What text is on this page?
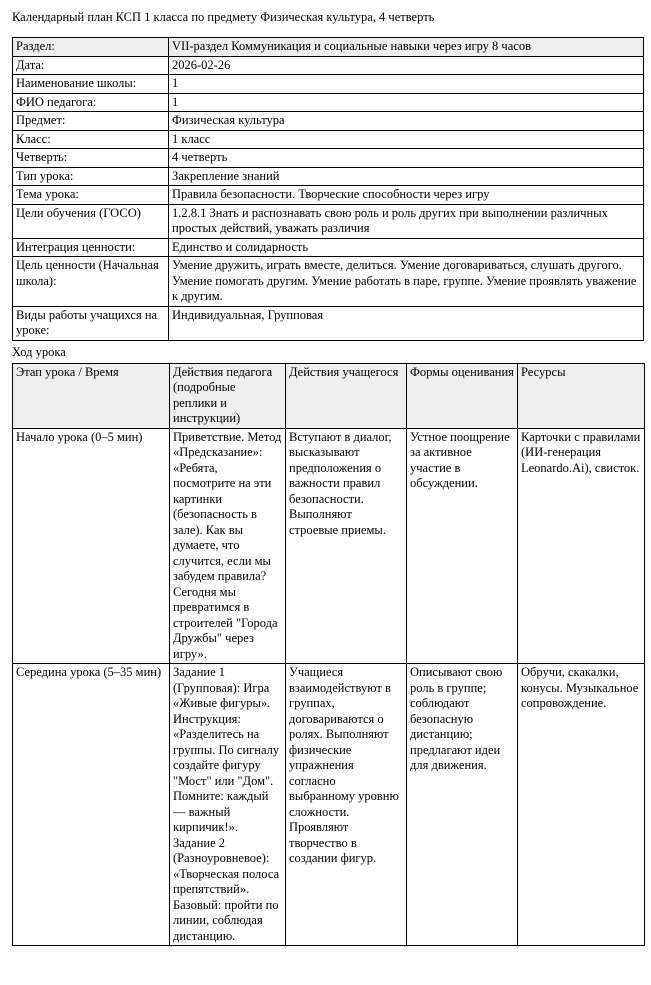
Календарный план КСП 1 класса по предмету Физическая культура, 4 четверть
Раздел:	VII-раздел Коммуникация и социальные навыки через игру 8 часов
Дата:	2026-02-26
Наименование школы:	1
ФИО педагога:	1
Предмет:	Физическая культура
Класс:	1 класс
Четверть:	4 четверть
Тип урока:	Закрепление знаний
Тема урока:	Правила безопасности. Творческие способности через игру
Цели обучения (ГОСО)	1.2.8.1 Знать и распознавать свою роль и роль других при выполнении различных простых действий, уважать различия
Интеграция ценности:	Единство и солидарность
Цель ценности (Начальная школа):	Умение дружить, играть вместе, делиться. Умение договариваться, слушать другого. Умение помогать другим. Умение работать в паре, группе. Умение проявлять уважение к другим.
Виды работы учащихся на уроке:	Индивидуальная, Групповая
Ход урока
Этап урока / Время	Действия педагога (подробные реплики и инструкции)	Действия учащегося	Формы оценивания	Ресурсы
Начало урока (0–5 мин)	Приветствие. Метод «Предсказание»: «Ребята, посмотрите на эти картинки (безопасность в зале). Как вы думаете, что случится, если мы забудем правила? Сегодня мы превратимся в строителей "Города Дружбы" через игру».	Вступают в диалог, высказывают предположения о важности правил безопасности. Выполняют строевые приемы.	Устное поощрение за активное участие в обсуждении.	Карточки с правилами (ИИ-генерация Leonardo.Ai), свисток.
Середина урока (5–35 мин)	Задание 1 (Групповая): Игра «Живые фигуры». Инструкция: «Разделитесь на группы. По сигналу создайте фигуру "Мост" или "Дом". Помните: каждый — важный кирпичик!». Задание 2 (Разноуровневое): «Творческая полоса препятствий». Базовый: пройти по линии, соблюдая дистанцию.	Учащиеся взаимодействуют в группах, договариваются о ролях. Выполняют физические упражнения согласно выбранному уровню сложности. Проявляют творчество в создании фигур.	Описывают свою роль в группе; соблюдают безопасную дистанцию; предлагают идеи для движения.	Обручи, скакалки, конусы. Музыкальное сопровождение.
